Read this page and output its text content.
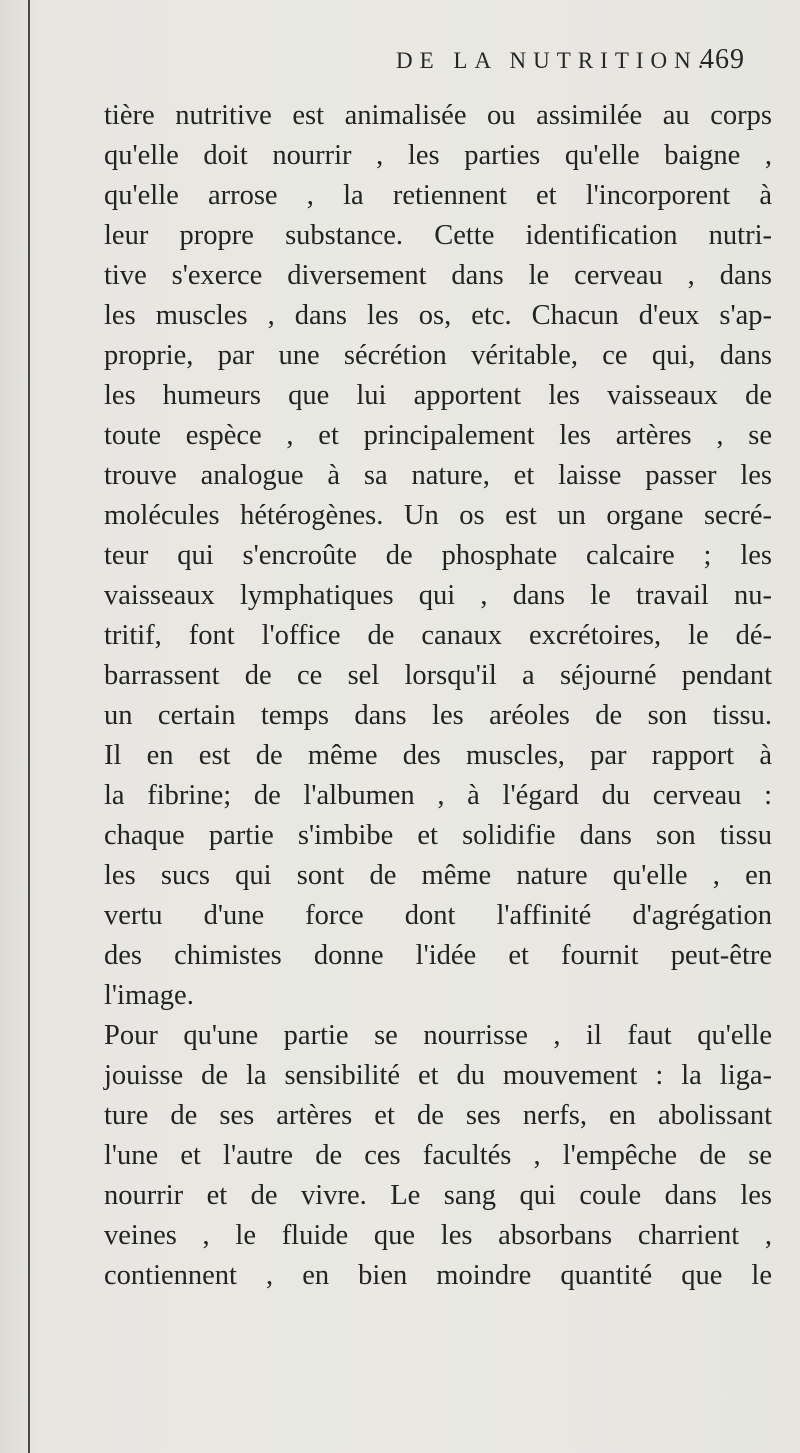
DE LA NUTRITION.
469
tière nutritive est animalisée ou assimilée au corps
qu'elle doit nourrir , les parties qu'elle baigne ,
qu'elle arrose , la retiennent et l'incorporent à
leur propre substance. Cette identification nutri-
tive s'exerce diversement dans le cerveau , dans
les muscles , dans les os, etc. Chacun d'eux s'ap-
proprie, par une sécrétion véritable, ce qui, dans
les humeurs que lui apportent les vaisseaux de
toute espèce , et principalement les artères , se
trouve analogue à sa nature, et laisse passer les
molécules hétérogènes. Un os est un organe secré-
teur qui s'encroûte de phosphate calcaire ; les
vaisseaux lymphatiques qui , dans le travail nu-
tritif, font l'office de canaux excrétoires, le dé-
barrassent de ce sel lorsqu'il a séjourné pendant
un certain temps dans les aréoles de son tissu.
Il en est de même des muscles, par rapport à
la fibrine; de l'albumen , à l'égard du cerveau :
chaque partie s'imbibe et solidifie dans son tissu
les sucs qui sont de même nature qu'elle , en
vertu d'une force dont l'affinité d'agrégation
des chimistes donne l'idée et fournit peut-être
l'image.
Pour qu'une partie se nourrisse , il faut qu'elle
jouisse de la sensibilité et du mouvement : la liga-
ture de ses artères et de ses nerfs, en abolissant
l'une et l'autre de ces facultés , l'empêche de se
nourrir et de vivre. Le sang qui coule dans les
veines , le fluide que les absorbans charrient ,
contiennent , en bien moindre quantité que le
